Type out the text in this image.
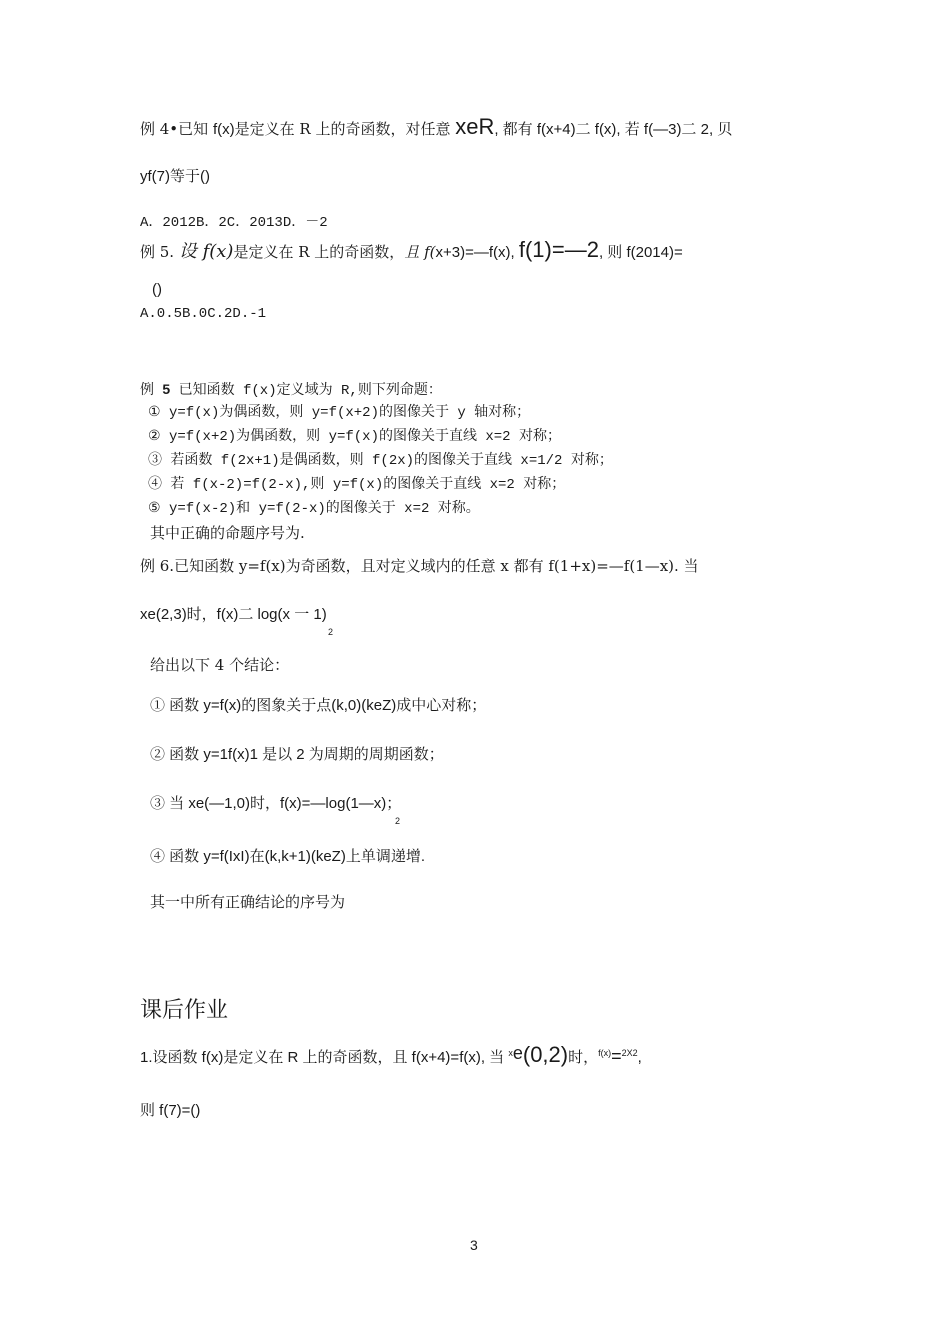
例 4•已知 f(x)是定义在 R 上的奇函数，对任意 xeR, 都有 f(x+4)二 f(x), 若 f(—3)二 2, 贝
yf(7)等于()
A．2012B．2C．2013D．－2
例 5. 设 f(x)是定义在 R 上的奇函数，且 f(x+3)=—f(x), f(1)=—2, 则 f(2014)=
()
A.0.5B.0C.2D.-1
例 5 已知函数 f(x)定义域为 R,则下列命题：
① y=f(x)为偶函数，则 y=f(x+2)的图像关于 y 轴对称；
② y=f(x+2)为偶函数，则 y=f(x)的图像关于直线 x=2 对称；
③ 若函数 f(2x+1)是偶函数，则 f(2x)的图像关于直线 x=1/2 对称；
④ 若 f(x-2)=f(2-x),则 y=f(x)的图像关于直线 x=2 对称；
⑤ y=f(x-2)和 y=f(2-x)的图像关于 x=2 对称。
其中正确的命题序号为.
例 6.已知函数 y=f(x)为奇函数，且对定义域内的任意 x 都有 f(1+x)=—f(1—x). 当
xe(2,3)时，f(x)二 log(x 一 1)
2
给出以下 4 个结论：
① 函数 y=f(x)的图象关于点(k,0)(keZ)成中心对称；
② 函数 y=1f(x)1 是以 2 为周期的周期函数；
③ 当 xe(—1,0)时，f(x)=—log(1—x)；
2
④ 函数 y=f(IxI)在(k,k+1)(keZ)上单调递增.
其一中所有正确结论的序号为
课后作业
1.设函数 f(x)是定义在 R 上的奇函数，且 f(x+4)=f(x), 当 $^x$e(0,2)时，$^{f(x)}$=$^{2X2}$,
则 f(7)=()
3
